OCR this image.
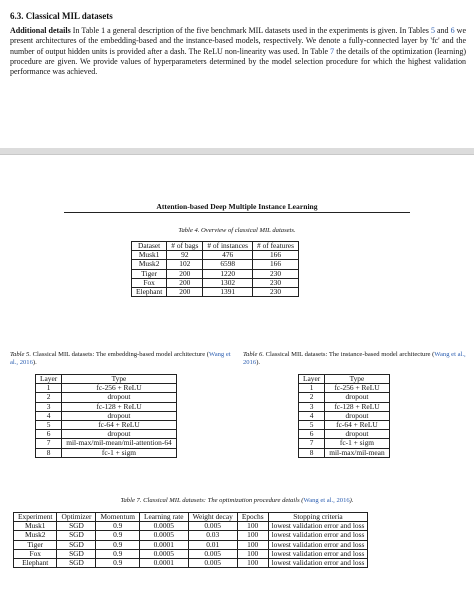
6.3. Classical MIL datasets

Additional details In Table 1 a general description of the five benchmark MIL datasets used in the experiments is given. In Tables 5 and 6 we present architectures of the embedding-based and the instance-based models, respectively. We denote a fully-connected layer by 'fc' and the number of output hidden units is provided after a dash. The ReLU non-linearity was used. In Table 7 the details of the optimization (learning) procedure are given. We provide values of hyperparameters determined by the model selection procedure for which the highest validation performance was achieved.

Attention-based Deep Multiple Instance Learning
Table 4. Overview of classical MIL datasets.
Dataset	# of bags	# of instances	# of features
Musk1	92	476	166
Musk2	102	6598	166
Tiger	200	1220	230
Fox	200	1302	230
Elephant	200	1391	230
Table 5. Classical MIL datasets: The embedding-based model architecture (Wang et al., 2016).
Layer	Type
1	fc-256 + ReLU
2	dropout
3	fc-128 + ReLU
4	dropout
5	fc-64 + ReLU
6	dropout
7	mil-max/mil-mean/mil-attention-64
8	fc-1 + sigm
Table 6. Classical MIL datasets: The instance-based model architecture (Wang et al., 2016).
Layer	Type
1	fc-256 + ReLU
2	dropout
3	fc-128 + ReLU
4	dropout
5	fc-64 + ReLU
6	dropout
7	fc-1 + sigm
8	mil-max/mil-mean
Table 7. Classical MIL datasets: The optimization procedure details (Wang et al., 2016).
Experiment	Optimizer	Momentum	Learning rate	Weight decay	Epochs	Stopping criteria
Musk1	SGD	0.9	0.0005	0.005	100	lowest validation error and loss
Musk2	SGD	0.9	0.0005	0.03	100	lowest validation error and loss
Tiger	SGD	0.9	0.0001	0.01	100	lowest validation error and loss
Fox	SGD	0.9	0.0005	0.005	100	lowest validation error and loss
Elephant	SGD	0.9	0.0001	0.005	100	lowest validation error and loss
